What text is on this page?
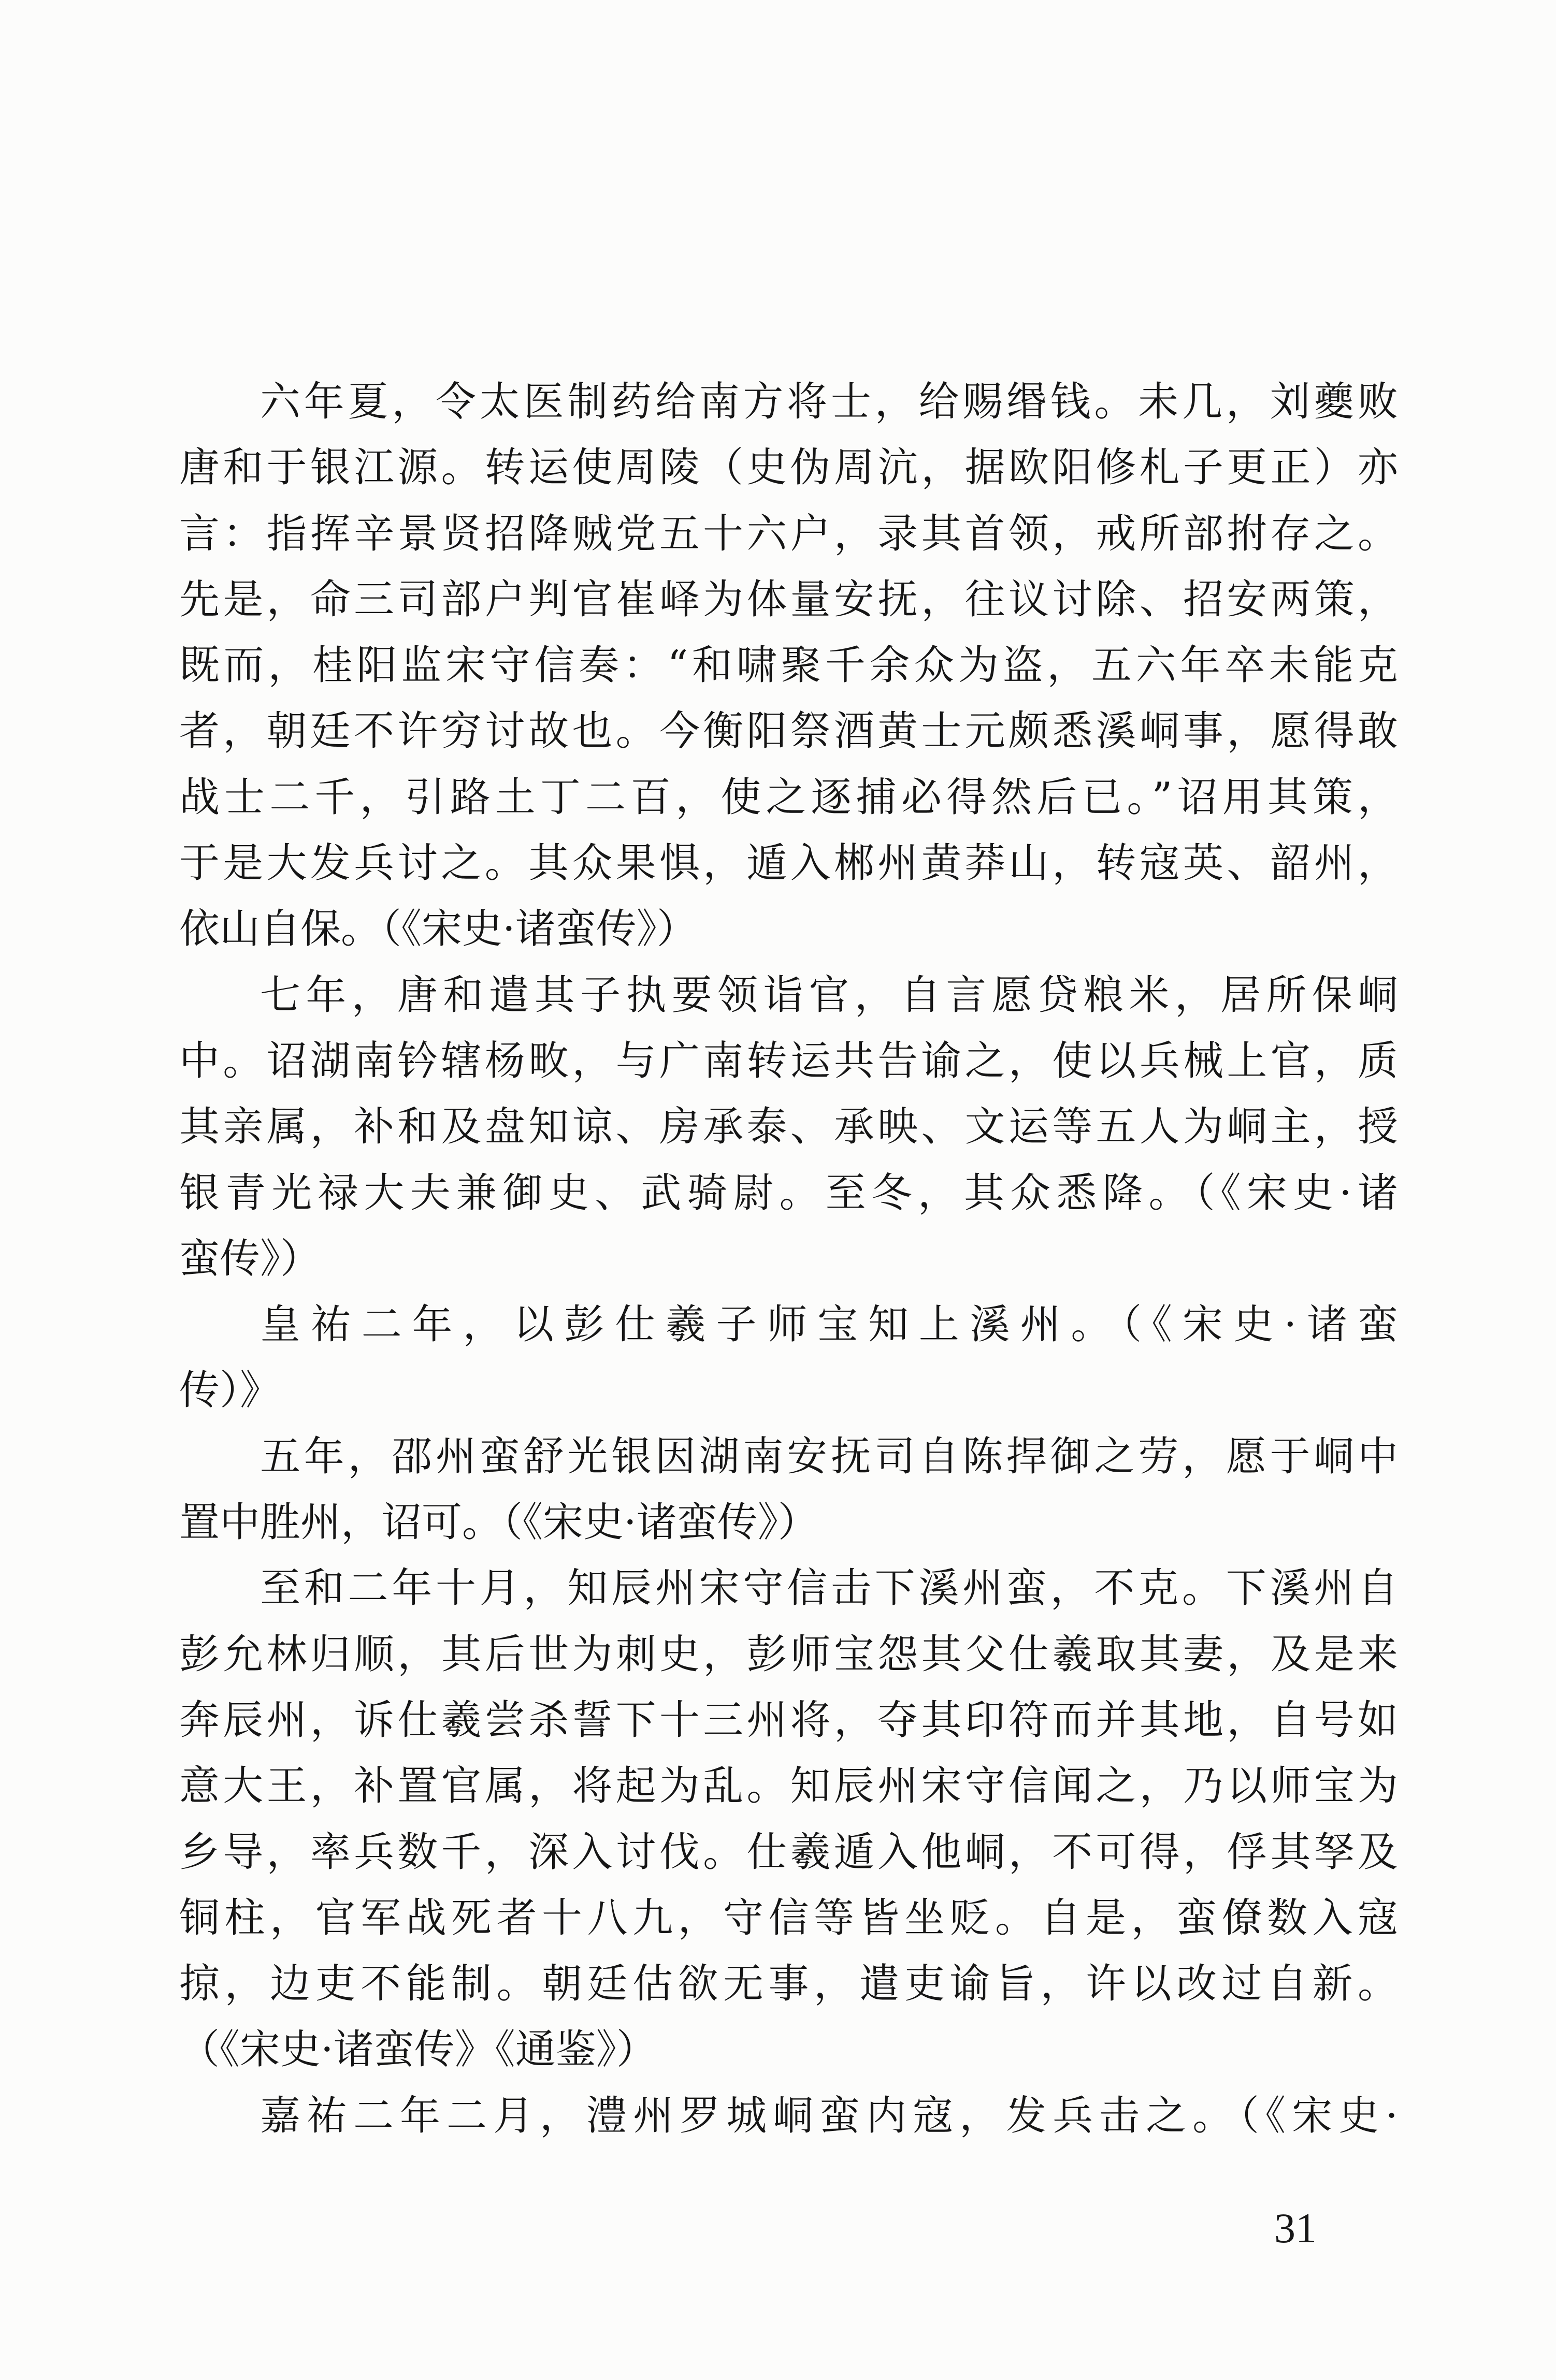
六年夏，令太医制药给南方将士，给赐缗钱。未几，刘夔败
唐和于银江源。转运使周陵（史伪周沆，据欧阳修札子更正）亦
言：指挥辛景贤招降贼党五十六户，录其首领，戒所部拊存之。
先是，命三司部户判官崔峄为体量安抚，往议讨除、招安两策，
既而，桂阳监宋守信奏：“和啸聚千余众为盗，五六年卒未能克
者，朝廷不许穷讨故也。今衡阳祭酒黄士元颇悉溪峒事，愿得敢
战士二千，引路土丁二百，使之逐捕必得然后已。”诏用其策，
于是大发兵讨之。其众果惧，遁入郴州黄莽山，转寇英、韶州，
依山自保。（《宋史·诸蛮传》）
七年，唐和遣其子执要领诣官，自言愿贷粮米，居所保峒
中。诏湖南钤辖杨畋，与广南转运共告谕之，使以兵械上官，质
其亲属，补和及盘知谅、房承泰、承映、文运等五人为峒主，授
银青光禄大夫兼御史、武骑尉。至冬，其众悉降。（《宋史·诸
蛮传》）
皇祐二年，以彭仕羲子师宝知上溪州。（《宋史·诸蛮
传）》
五年，邵州蛮舒光银因湖南安抚司自陈捍御之劳，愿于峒中
置中胜州，诏可。（《宋史·诸蛮传》）
至和二年十月，知辰州宋守信击下溪州蛮，不克。下溪州自
彭允林归顺，其后世为刺史，彭师宝怨其父仕羲取其妻，及是来
奔辰州，诉仕羲尝杀誓下十三州将，夺其印符而并其地，自号如
意大王，补置官属，将起为乱。知辰州宋守信闻之，乃以师宝为
乡导，率兵数千，深入讨伐。仕羲遁入他峒，不可得，俘其孥及
铜柱，官军战死者十八九，守信等皆坐贬。自是，蛮僚数入寇
掠，边吏不能制。朝廷估欲无事，遣吏谕旨，许以改过自新。
（《宋史·诸蛮传》《通鉴》）
嘉祐二年二月，澧州罗城峒蛮内寇，发兵击之。（《宋史·
31
